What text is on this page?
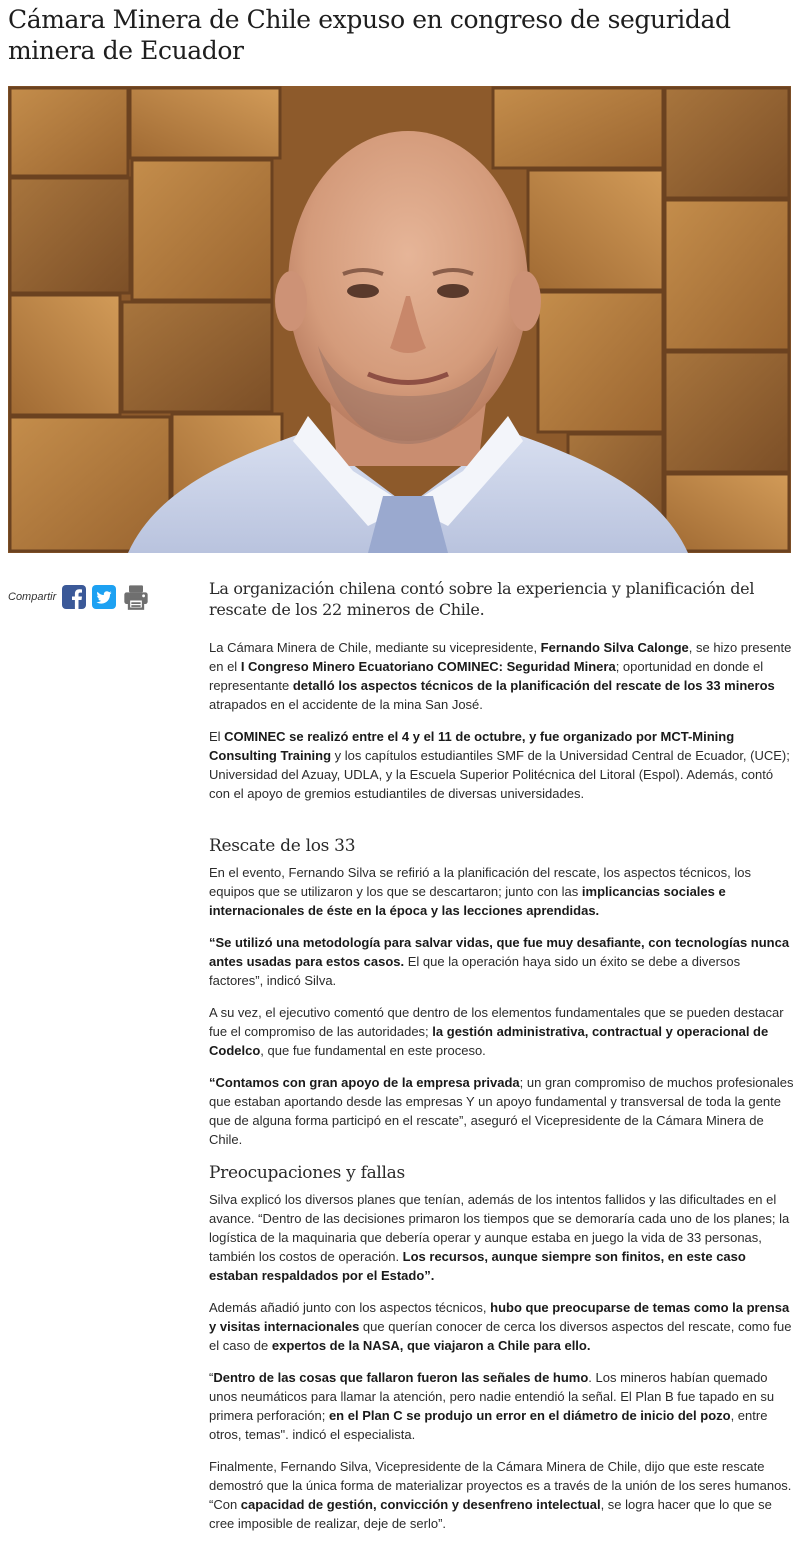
Cámara Minera de Chile expuso en congreso de seguridad minera de Ecuador
Compartir	La organización chilena contó sobre la experiencia y planificación del rescate de los 22 mineros de Chile.

La Cámara Minera de Chile, mediante su vicepresidente, Fernando Silva Calonge, se hizo presente en el I Congreso Minero Ecuatoriano COMINEC: Seguridad Minera; oportunidad en donde el representante detalló los aspectos técnicos de la planificación del rescate de los 33 mineros atrapados en el accidente de la mina San José.

El COMINEC se realizó entre el 4 y el 11 de octubre, y fue organizado por MCT-Mining Consulting Training y los capítulos estudiantiles SMF de la Universidad Central de Ecuador, (UCE); Universidad del Azuay, UDLA, y la Escuela Superior Politécnica del Litoral (Espol). Además, contó con el apoyo de gremios estudiantiles de diversas universidades.

Rescate de los 33

En el evento, Fernando Silva se refirió a la planificación del rescate, los aspectos técnicos, los equipos que se utilizaron y los que se descartaron; junto con las implicancias sociales e internacionales de éste en la época y las lecciones aprendidas.

“Se utilizó una metodología para salvar vidas, que fue muy desafiante, con tecnologías nunca antes usadas para estos casos. El que la operación haya sido un éxito se debe a diversos factores”, indicó Silva.

A su vez, el ejecutivo comentó que dentro de los elementos fundamentales que se pueden destacar fue el compromiso de las autoridades; la gestión administrativa, contractual y operacional de Codelco, que fue fundamental en este proceso.

“Contamos con gran apoyo de la empresa privada; un gran compromiso de muchos profesionales que estaban aportando desde las empresas Y un apoyo fundamental y transversal de toda la gente que de alguna forma participó en el rescate”, aseguró el Vicepresidente de la Cámara Minera de Chile.

Preocupaciones y fallas

Silva explicó los diversos planes que tenían, además de los intentos fallidos y las dificultades en el avance. “Dentro de las decisiones primaron los tiempos que se demoraría cada uno de los planes; la logística de la maquinaria que debería operar y aunque estaba en juego la vida de 33 personas, también los costos de operación. Los recursos, aunque siempre son finitos, en este caso estaban respaldados por el Estado”.

Además añadió junto con los aspectos técnicos, hubo que preocuparse de temas como la prensa y visitas internacionales que querían conocer de cerca los diversos aspectos del rescate, como fue el caso de expertos de la NASA, que viajaron a Chile para ello.

“Dentro de las cosas que fallaron fueron las señales de humo. Los mineros habían quemado unos neumáticos para llamar la atención, pero nadie entendió la señal. El Plan B fue tapado en su primera perforación; en el Plan C se produjo un error en el diámetro de inicio del pozo, entre otros, temas". indicó el especialista.

Finalmente, Fernando Silva, Vicepresidente de la Cámara Minera de Chile, dijo que este rescate demostró que la única forma de materializar proyectos es a través de la unión de los seres humanos. “Con capacidad de gestión, convicción y desenfreno intelectual, se logra hacer que lo que se cree imposible de realizar, deje de serlo”.
